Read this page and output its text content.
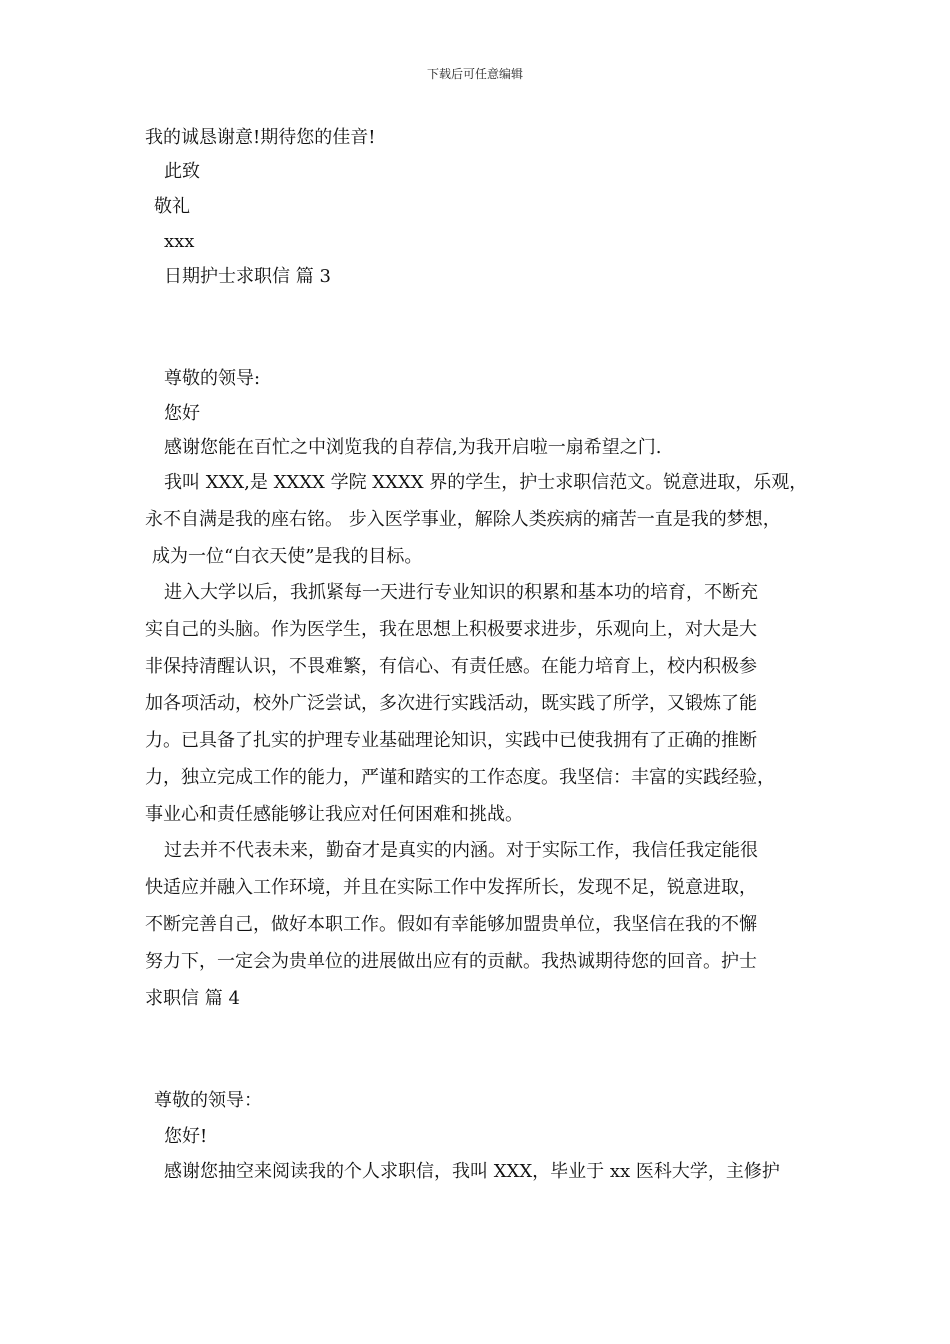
下载后可任意编辑
我的诚恳谢意!期待您的佳音!
此致
敬礼
xxx
日期护士求职信 篇 3
尊敬的领导:
您好
感谢您能在百忙之中浏览我的自荐信,为我开启啦一扇希望之门.
我叫 XXX,是 XXXX 学院 XXXX 界的学生，护士求职信范文。锐意进取，乐观，
永不自满是我的座右铭。 步入医学事业，解除人类疾病的痛苦一直是我的梦想，
成为一位“白衣天使”是我的目标。
进入大学以后，我抓紧每一天进行专业知识的积累和基本功的培育，不断充
实自己的头脑。作为医学生，我在思想上积极要求进步，乐观向上，对大是大
非保持清醒认识，不畏难繁，有信心、有责任感。在能力培育上，校内积极参
加各项活动，校外广泛尝试，多次进行实践活动，既实践了所学，又锻炼了能
力。已具备了扎实的护理专业基础理论知识，实践中已使我拥有了正确的推断
力，独立完成工作的能力，严谨和踏实的工作态度。我坚信：丰富的实践经验，
事业心和责任感能够让我应对任何困难和挑战。
过去并不代表未来，勤奋才是真实的内涵。对于实际工作，我信任我定能很
快适应并融入工作环境，并且在实际工作中发挥所长，发现不足，锐意进取，
不断完善自己，做好本职工作。假如有幸能够加盟贵单位，我坚信在我的不懈
努力下，一定会为贵单位的进展做出应有的贡献。我热诚期待您的回音。护士
求职信 篇 4
尊敬的领导：
您好!
感谢您抽空来阅读我的个人求职信，我叫 XXX，毕业于 xx 医科大学，主修护
